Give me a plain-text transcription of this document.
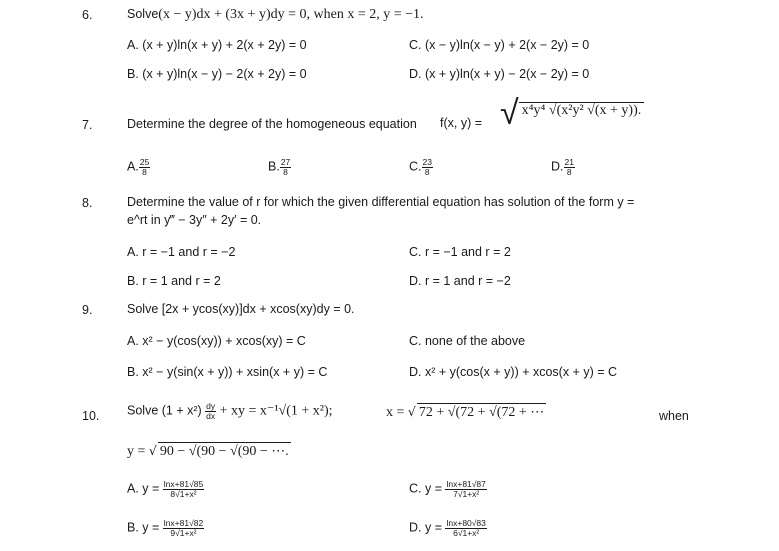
6.	Solve(x − y)dx + (3x + y)dy = 0, when x = 2, y = −1.
A. (x + y)ln(x + y) + 2(x + 2y) = 0	C. (x − y)ln(x − y) + 2(x − 2y) = 0
B. (x + y)ln(x − y) − 2(x + 2y) = 0	D. (x + y)ln(x + y) − 2(x − 2y) = 0
7.	Determine the degree of the homogeneous equation f(x, y) = √ x⁴y⁴ √(x²y² √(x + y)).
A. $\frac{25}{8}$	B. $\frac{27}{8}$	C. $\frac{23}{8}$	D. $\frac{21}{8}$
8.	Determine the value of r for which the given differential equation has solution of the form y =
e^rt in y‴ − 3y″ + 2y′ = 0.
A. r = −1 and r = −2	C. r = −1 and r = 2
B. r = 1 and r = 2	D. r = 1 and r = −2
9.	Solve [2x + ycos(xy)]dx + xcos(xy)dy = 0.
A. x² − y(cos(xy)) + xcos(xy) = C	C. none of the above
B. x² − y(sin(x + y)) + xsin(x + y) = C	D. x² + y(cos(x + y)) + xcos(x + y) = C
10. Solve $(1 + x^2) \frac{dy}{dx}$ + xy = x⁻¹√(1 + x²);	x = √ 72 + √(72 + √(72 + ⋯	when
y = √ 90 − √(90 − √(90 − ⋯.
A. $y = \frac{\ln x+81√85}{\text{8√1+x²}}$	C. $y = \frac{\ln x+81√87}{\text{7√1+x²}}$
B. $y = \frac{\ln x+81√82}{\text{9√1+x²}}$	D. $y = \frac{\ln x+80√83}{\text{6√1+x²}}$
